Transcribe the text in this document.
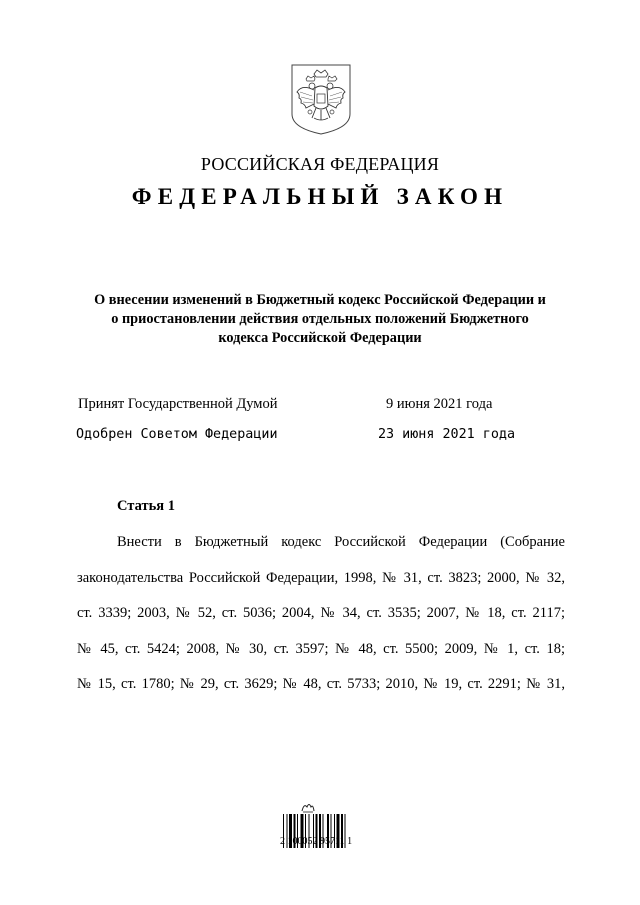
РОССИЙСКАЯ ФЕДЕРАЦИЯ
ФЕДЕРАЛЬНЫЙ ЗАКОН
О внесении изменений в Бюджетный кодекс Российской Федерации и
о приостановлении действия отдельных положений Бюджетного
кодекса Российской Федерации
Принят Государственной Думой	9 июня 2021 года
Одобрен Советом Федерации	23 июня 2021 года
Статья 1
Внести в Бюджетный кодекс Российской Федерации (Собрание
законодательства Российской Федерации, 1998, № 31, ст. 3823; 2000, № 32,
ст. 3339; 2003, № 52, ст. 5036; 2004, № 34, ст. 3535; 2007, № 18, ст. 2117;
№ 45, ст. 5424; 2008, № 30, ст. 3597; № 48, ст. 5500; 2009, № 1, ст. 18;
№ 15, ст. 1780; № 29, ст. 3629; № 48, ст. 5733; 2010, № 19, ст. 2291; № 31,
2 100052 95711 1
